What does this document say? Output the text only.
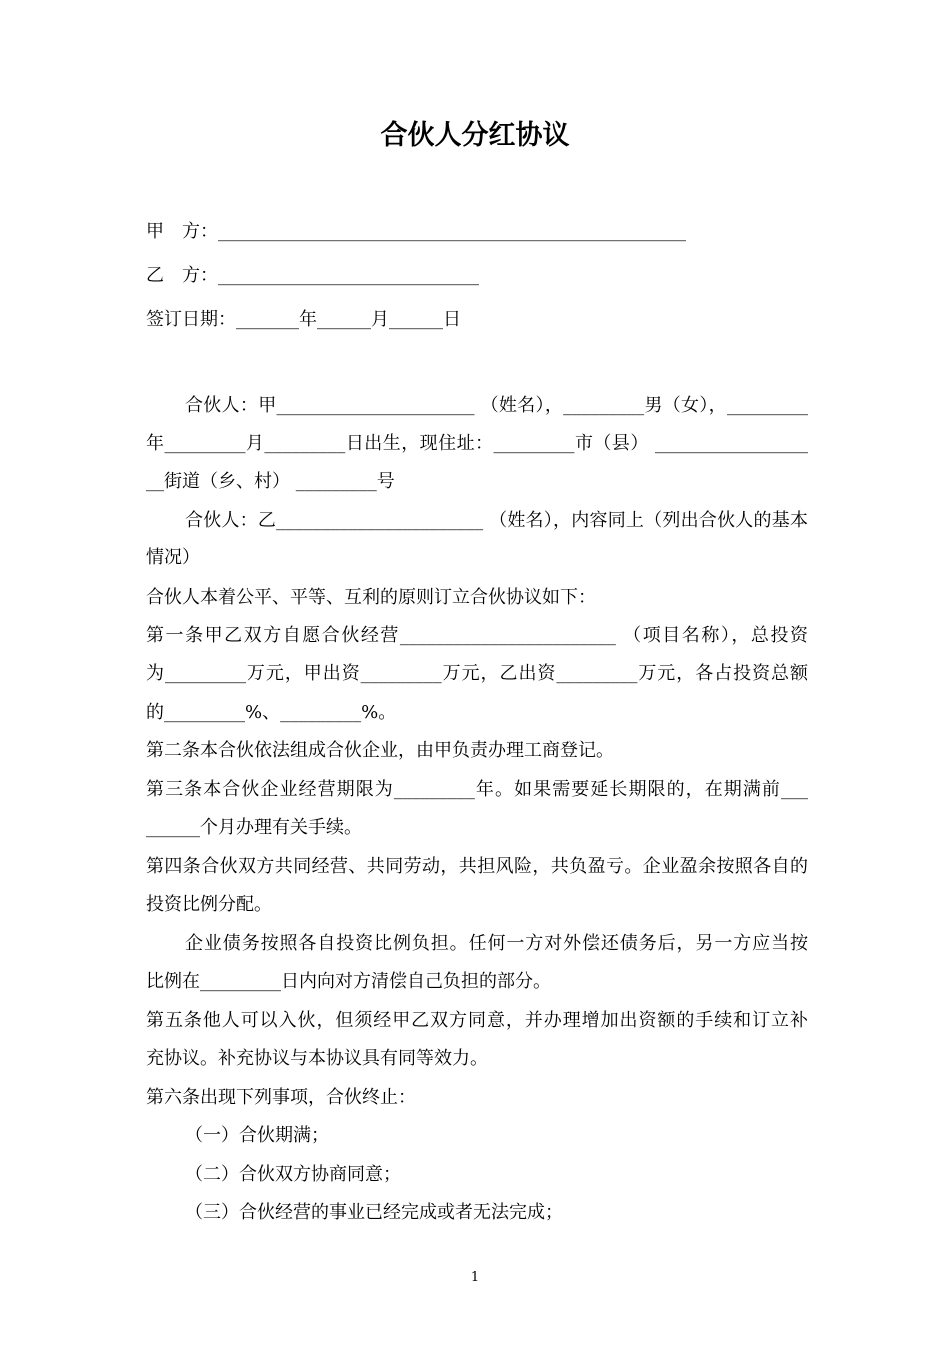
合伙人分红协议
甲　方：____________________________________________________
乙　方：_____________________________
签订日期：_______年______月______日
合伙人：甲______________________ （姓名），_________男（女），_________
年_________月_________日出生，现住址：_________市（县） _________________
__街道（乡、村） _________号
合伙人：乙_______________________ （姓名），内容同上（列出合伙人的基本
情况）
合伙人本着公平、平等、互利的原则订立合伙协议如下：
第一条甲乙双方自愿合伙经营________________________ （项目名称），总投资
为_________万元，甲出资_________万元，乙出资_________万元，各占投资总额
的_________%、_________%。
第二条本合伙依法组成合伙企业，由甲负责办理工商登记。
第三条本合伙企业经营期限为_________年。如果需要延长期限的，在期满前___
______个月办理有关手续。
第四条合伙双方共同经营、共同劳动，共担风险，共负盈亏。企业盈余按照各自的
投资比例分配。
企业债务按照各自投资比例负担。任何一方对外偿还债务后，另一方应当按
比例在_________日内向对方清偿自己负担的部分。
第五条他人可以入伙，但须经甲乙双方同意，并办理增加出资额的手续和订立补
充协议。补充协议与本协议具有同等效力。
第六条出现下列事项，合伙终止：
（一）合伙期满；
（二）合伙双方协商同意；
（三）合伙经营的事业已经完成或者无法完成；
1
